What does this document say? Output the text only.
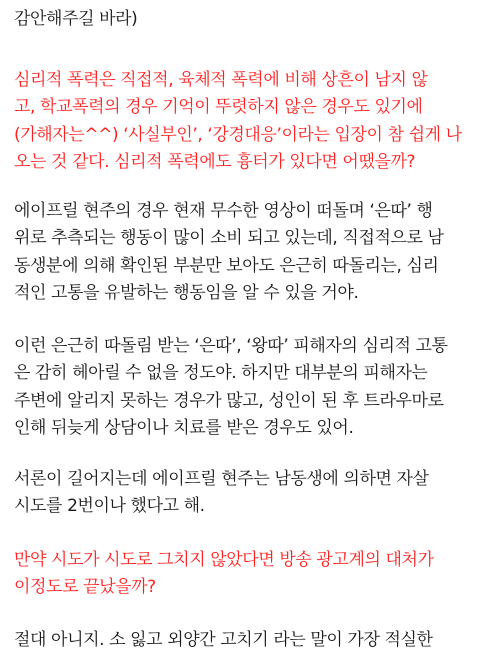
감안해주길 바라)
심리적 폭력은 직접적, 육체적 폭력에 비해 상흔이 남지 않
고, 학교폭력의 경우 기억이 뚜렷하지 않은 경우도 있기에
(가해자는^^) ‘사실부인’, ‘강경대응’이라는 입장이 참 쉽게 나
오는 것 같다. 심리적 폭력에도 흉터가 있다면 어땠을까?
에이프릴 현주의 경우 현재 무수한 영상이 떠돌며 ‘은따’ 행
위로 추측되는 행동이 많이 소비 되고 있는데, 직접적으로 남
동생분에 의해 확인된 부분만 보아도 은근히 따돌리는, 심리
적인 고통을 유발하는 행동임을 알 수 있을 거야.
이런 은근히 따돌림 받는 ‘은따’, ‘왕따’ 피해자의 심리적 고통
은 감히 헤아릴 수 없을 정도야. 하지만 대부분의 피해자는
주변에 알리지 못하는 경우가 많고, 성인이 된 후 트라우마로
인해 뒤늦게 상담이나 치료를 받은 경우도 있어.
서론이 길어지는데 에이프릴 현주는 남동생에 의하면 자살
시도를 2번이나 했다고 해.
만약 시도가 시도로 그치지 않았다면 방송 광고계의 대처가
이정도로 끝났을까?
절대 아니지. 소 잃고 외양간 고치기 라는 말이 가장 적실한
